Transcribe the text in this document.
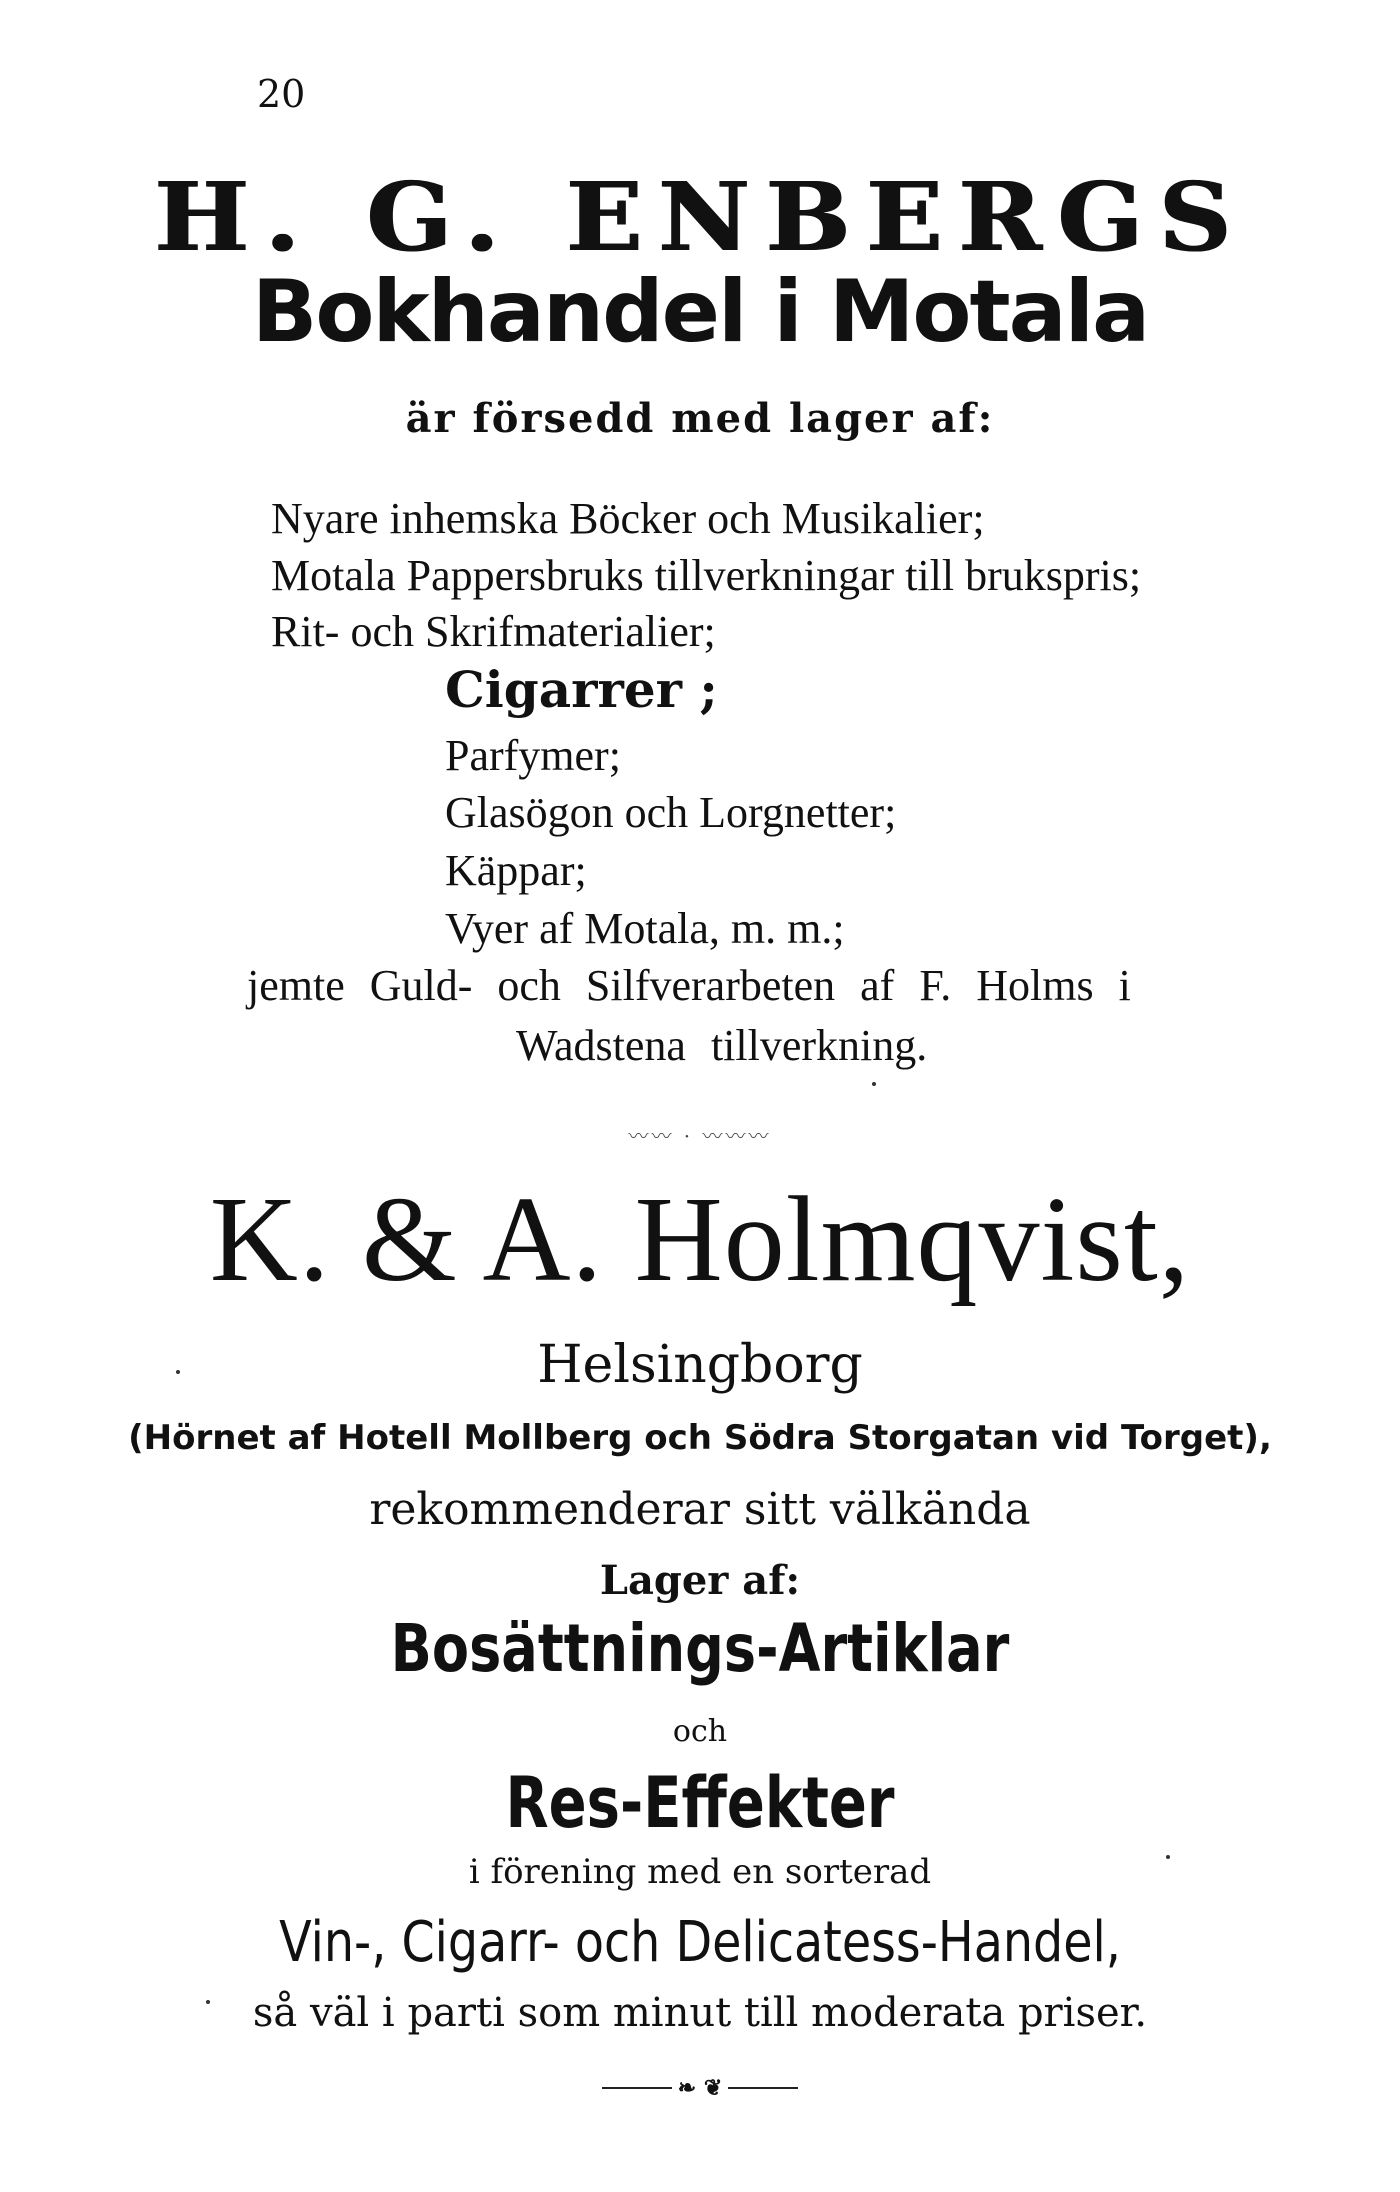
20
H. G. ENBERGS
Bokhandel i Motala
är försedd med lager af:
Nyare inhemska Böcker och Musikalier;
Motala Pappersbruks tillverkningar till brukspris;
Rit- och Skrifmaterialier;
Cigarrer ;
Parfymer;
Glasögon och Lorgnetter;
Käppar;
Vyer af Motala, m. m.;
jemte Guld- och Silfverarbeten af F. Holms i
Wadstena tillverkning.
〰〰 · 〰〰〰
K. & A. Holmqvist,
Helsingborg
(Hörnet af Hotell Mollberg och Södra Storgatan vid Torget),
rekommenderar sitt välkända
Lager af:
Bosättnings-Artiklar
och
Res-Effekter
i förening med en sorterad
Vin-, Cigarr- och Delicatess-Handel,
så väl i parti som minut till moderata priser.
❧ ❦
